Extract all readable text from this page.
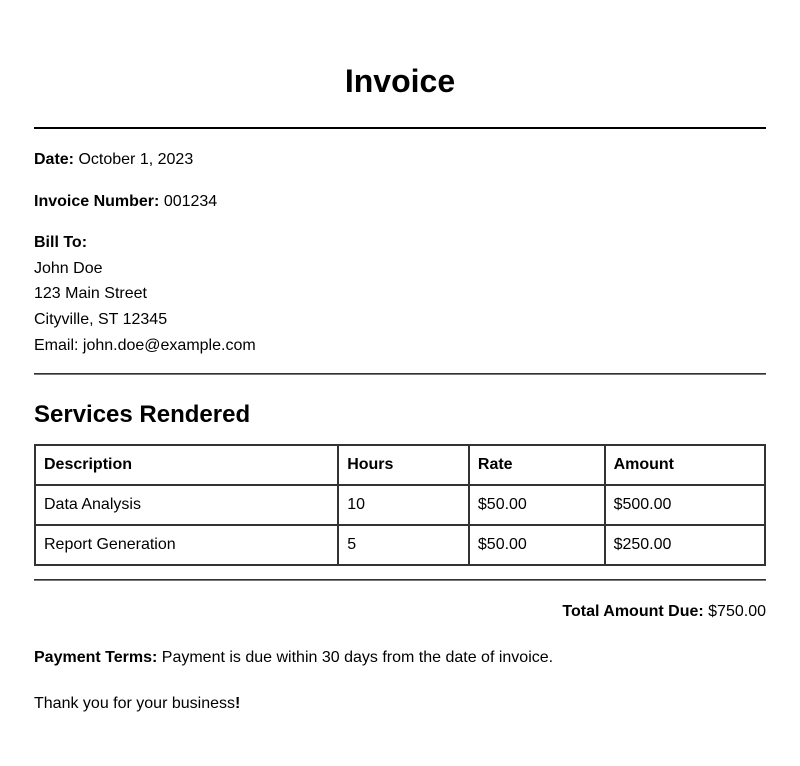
Invoice
Date: October 1, 2023
Invoice Number: 001234
Bill To:
John Doe
123 Main Street
Cityville, ST 12345
Email: john.doe@example.com
Services Rendered
Description	Hours	Rate	Amount
Data Analysis	10	$50.00	$500.00
Report Generation	5	$50.00	$250.00
Total Amount Due: $750.00
Payment Terms: Payment is due within 30 days from the date of invoice.
Thank you for your business!
